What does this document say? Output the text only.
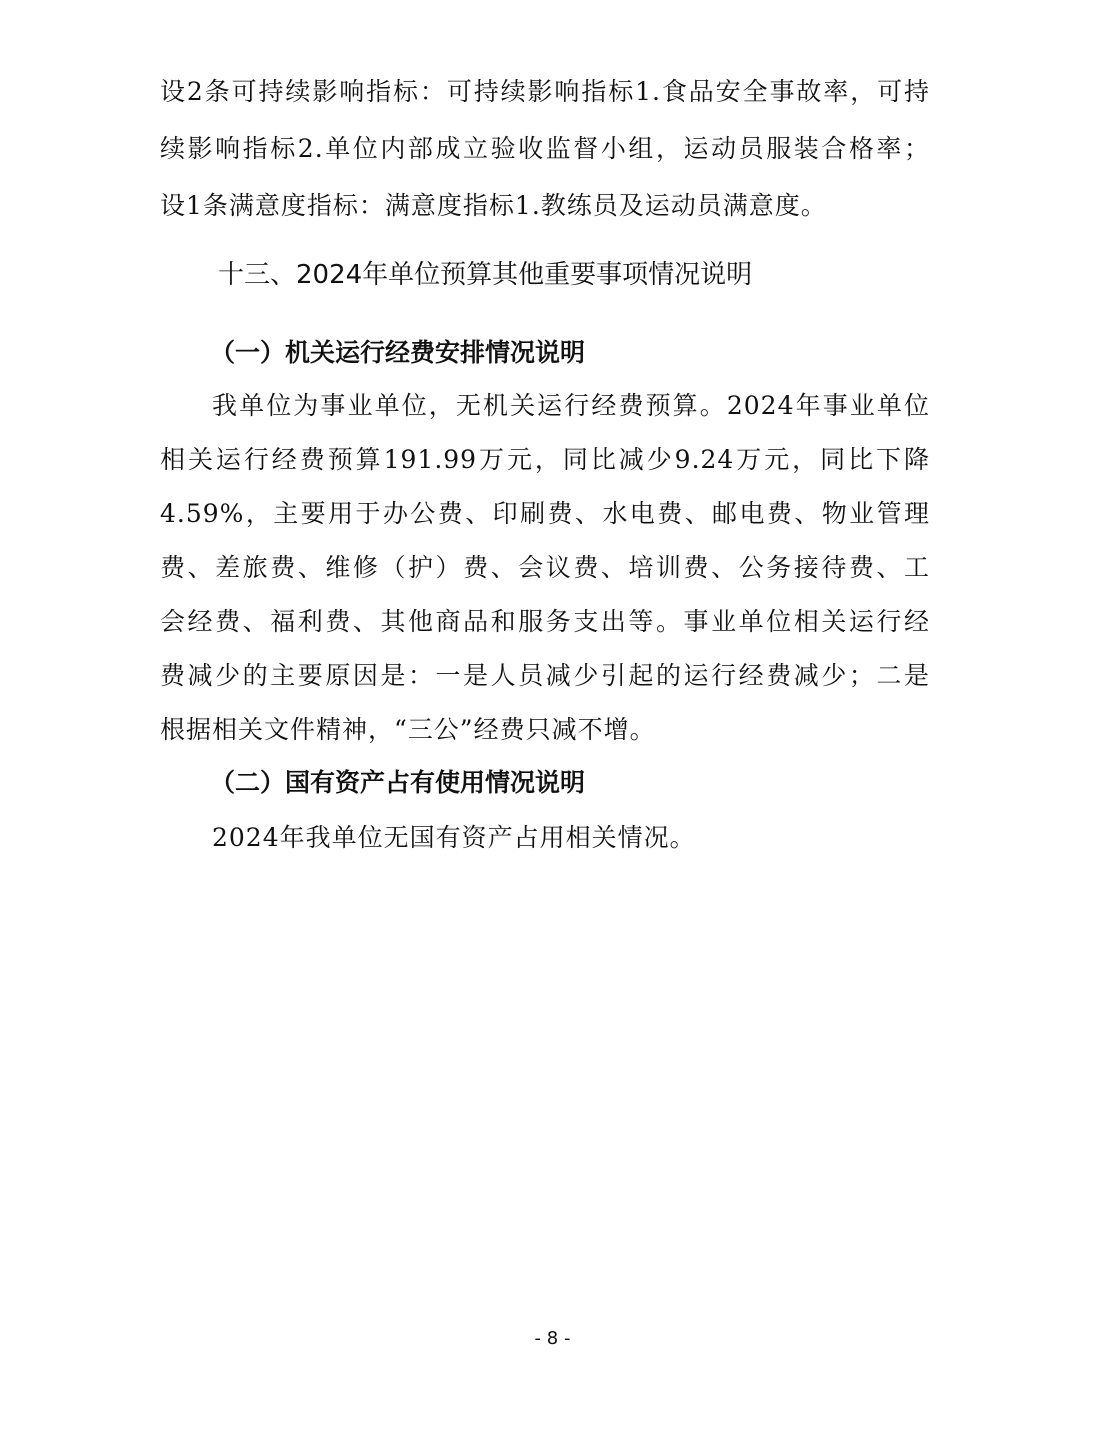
设2条可持续影响指标：可持续影响指标1.食品安全事故率，可持
续影响指标2.单位内部成立验收监督小组，运动员服装合格率；
设1条满意度指标：满意度指标1.教练员及运动员满意度。
十三、2024年单位预算其他重要事项情况说明
（一）机关运行经费安排情况说明
我单位为事业单位，无机关运行经费预算。2024年事业单位
相关运行经费预算191.99万元，同比减少9.24万元，同比下降
4.59%，主要用于办公费、印刷费、水电费、邮电费、物业管理
费、差旅费、维修（护）费、会议费、培训费、公务接待费、工
会经费、福利费、其他商品和服务支出等。事业单位相关运行经
费减少的主要原因是：一是人员减少引起的运行经费减少；二是
根据相关文件精神，“三公”经费只减不增。
（二）国有资产占有使用情况说明
2024年我单位无国有资产占用相关情况。
- 8 -
